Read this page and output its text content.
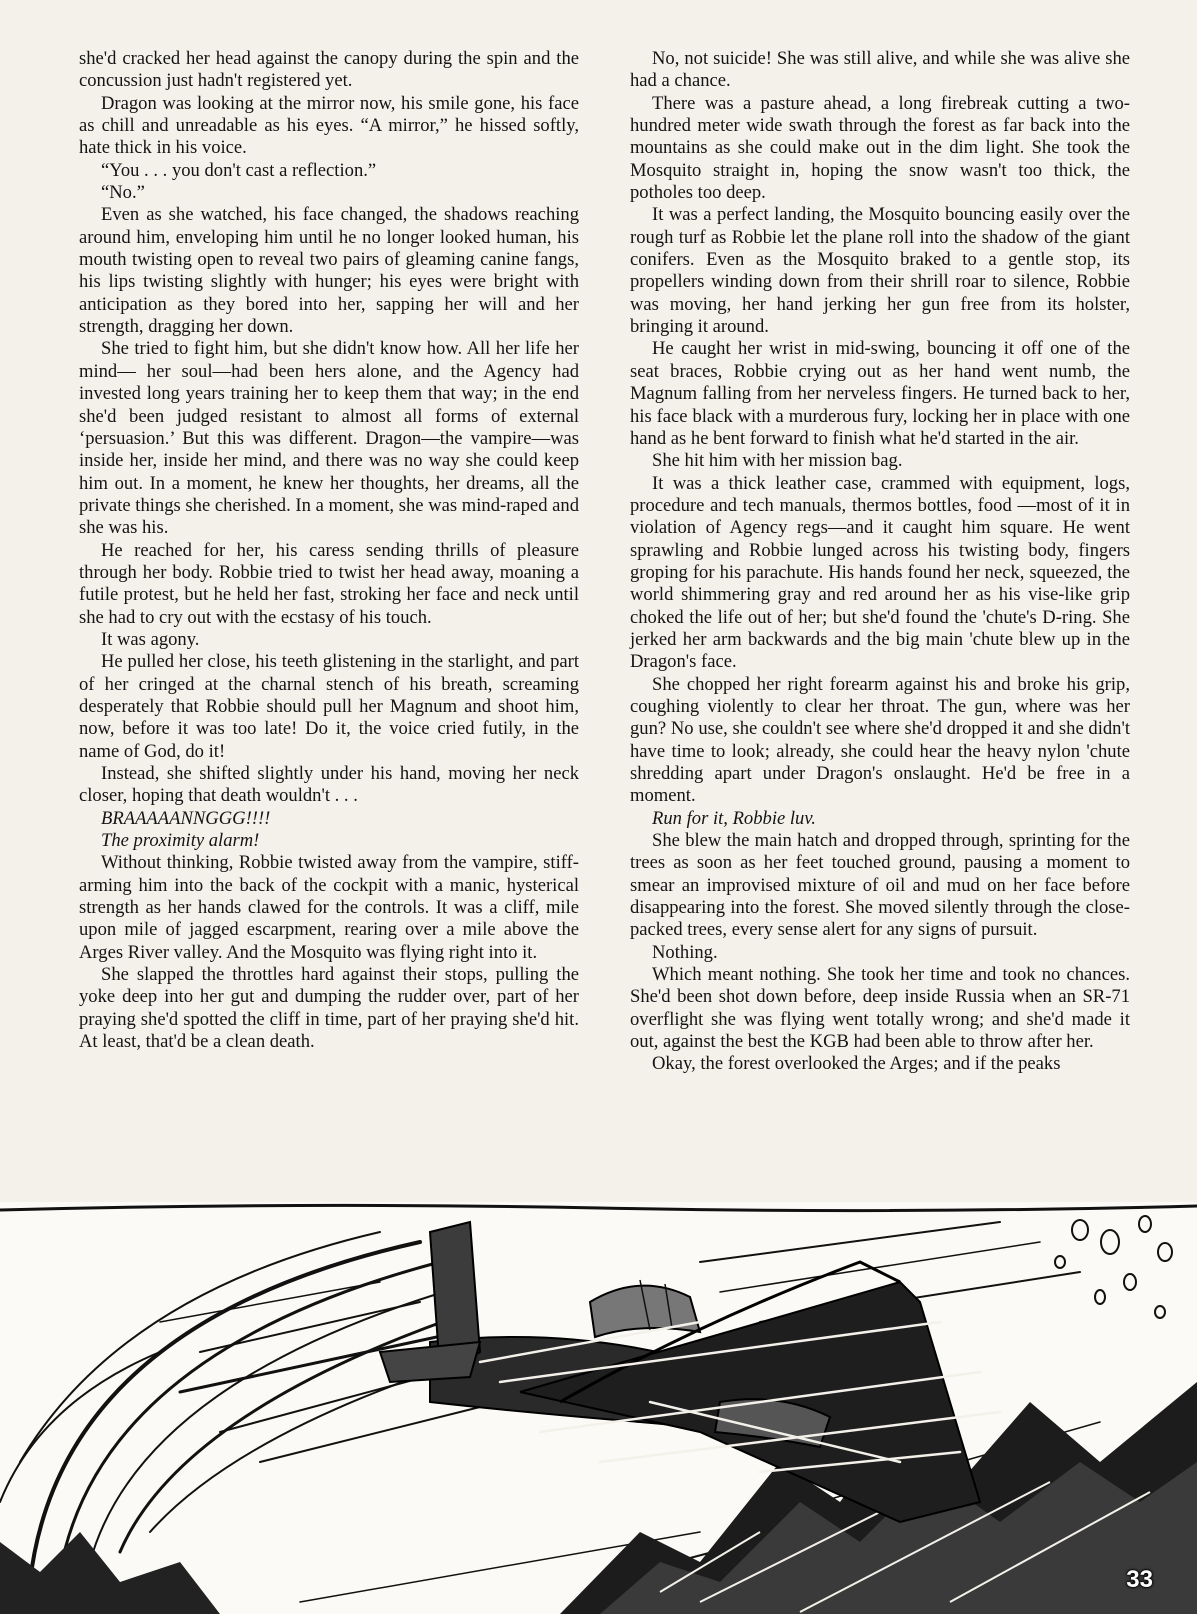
she'd cracked her head against the canopy during the spin and the concussion just hadn't registered yet.

Dragon was looking at the mirror now, his smile gone, his face as chill and unreadable as his eyes. “A mirror,” he hissed softly, hate thick in his voice.

“You . . . you don't cast a reflection.”

“No.”

Even as she watched, his face changed, the shadows reaching around him, enveloping him until he no longer looked human, his mouth twisting open to reveal two pairs of gleaming canine fangs, his lips twisting slightly with hunger; his eyes were bright with anticipation as they bored into her, sapping her will and her strength, dragging her down.

She tried to fight him, but she didn't know how. All her life her mind— her soul—had been hers alone, and the Agency had invested long years training her to keep them that way; in the end she'd been judged resistant to almost all forms of external ‘persuasion.’ But this was different. Dragon—the vampire—was inside her, inside her mind, and there was no way she could keep him out. In a moment, he knew her thoughts, her dreams, all the private things she cherished. In a moment, she was mind-raped and she was his.

He reached for her, his caress sending thrills of pleasure through her body. Robbie tried to twist her head away, moaning a futile protest, but he held her fast, stroking her face and neck until she had to cry out with the ecstasy of his touch.

It was agony.

He pulled her close, his teeth glistening in the starlight, and part of her cringed at the charnal stench of his breath, screaming desperately that Robbie should pull her Magnum and shoot him, now, before it was too late! Do it, the voice cried futily, in the name of God, do it!

Instead, she shifted slightly under his hand, moving her neck closer, hoping that death wouldn't . . .

BRAAAAANNGGG!!!!

The proximity alarm!

Without thinking, Robbie twisted away from the vampire, stiff-arming him into the back of the cockpit with a manic, hysterical strength as her hands clawed for the controls. It was a cliff, mile upon mile of jagged escarpment, rearing over a mile above the Arges River valley. And the Mosquito was flying right into it.

She slapped the throttles hard against their stops, pulling the yoke deep into her gut and dumping the rudder over, part of her praying she'd spotted the cliff in time, part of her praying she'd hit. At least, that'd be a clean death.

No, not suicide! She was still alive, and while she was alive she had a chance.

There was a pasture ahead, a long firebreak cutting a two-hundred meter wide swath through the forest as far back into the mountains as she could make out in the dim light. She took the Mosquito straight in, hoping the snow wasn't too thick, the potholes too deep.

It was a perfect landing, the Mosquito bouncing easily over the rough turf as Robbie let the plane roll into the shadow of the giant conifers. Even as the Mosquito braked to a gentle stop, its propellers winding down from their shrill roar to silence, Robbie was moving, her hand jerking her gun free from its holster, bringing it around.

He caught her wrist in mid-swing, bouncing it off one of the seat braces, Robbie crying out as her hand went numb, the Magnum falling from her nerveless fingers. He turned back to her, his face black with a murderous fury, locking her in place with one hand as he bent forward to finish what he'd started in the air.

She hit him with her mission bag.

It was a thick leather case, crammed with equipment, logs, procedure and tech manuals, thermos bottles, food —most of it in violation of Agency regs—and it caught him square. He went sprawling and Robbie lunged across his twisting body, fingers groping for his parachute. His hands found her neck, squeezed, the world shimmering gray and red around her as his vise-like grip choked the life out of her; but she'd found the 'chute's D-ring. She jerked her arm backwards and the big main 'chute blew up in the Dragon's face.

She chopped her right forearm against his and broke his grip, coughing violently to clear her throat. The gun, where was her gun? No use, she couldn't see where she'd dropped it and she didn't have time to look; already, she could hear the heavy nylon 'chute shredding apart under Dragon's onslaught. He'd be free in a moment.

Run for it, Robbie luv.

She blew the main hatch and dropped through, sprinting for the trees as soon as her feet touched ground, pausing a moment to smear an improvised mixture of oil and mud on her face before disappearing into the forest. She moved silently through the close-packed trees, every sense alert for any signs of pursuit.

Nothing.

Which meant nothing. She took her time and took no chances. She'd been shot down before, deep inside Russia when an SR-71 overflight she was flying went totally wrong; and she'd made it out, against the best the KGB had been able to throw after her.

Okay, the forest overlooked the Arges; and if the peaks

33
